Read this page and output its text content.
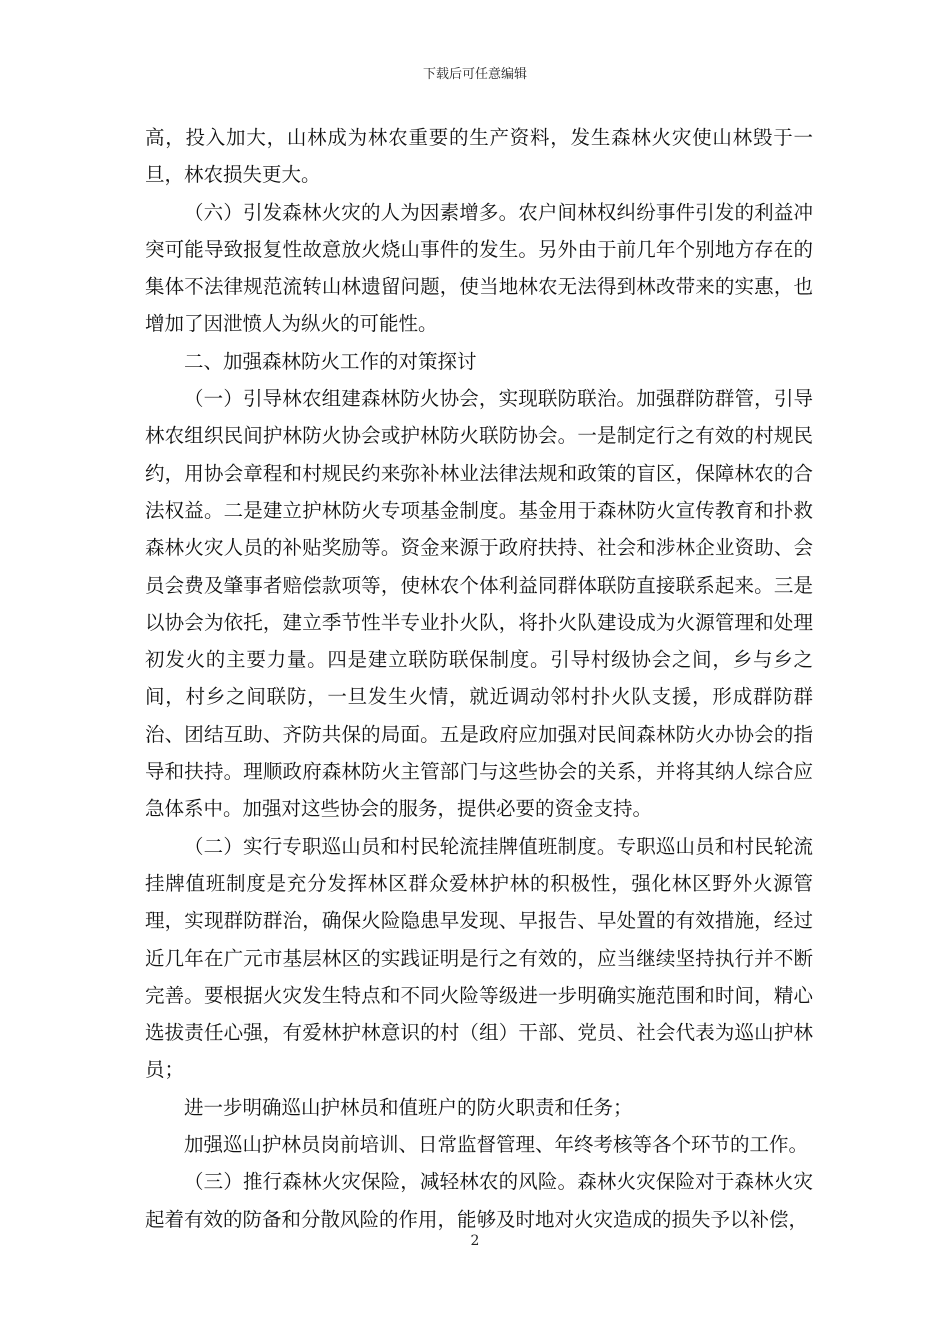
下载后可任意编辑

高，投入加大，山林成为林农重要的生产资料，发生森林火灾使山林毁于一旦，林农损失更大。

（六）引发森林火灾的人为因素增多。农户间林权纠纷事件引发的利益冲突可能导致报复性故意放火烧山事件的发生。另外由于前几年个别地方存在的集体不法律规范流转山林遗留问题，使当地林农无法得到林改带来的实惠，也增加了因泄愤人为纵火的可能性。

二、加强森林防火工作的对策探讨

（一）引导林农组建森林防火协会，实现联防联治。加强群防群管，引导林农组织民间护林防火协会或护林防火联防协会。一是制定行之有效的村规民约，用协会章程和村规民约来弥补林业法律法规和政策的盲区，保障林农的合法权益。二是建立护林防火专项基金制度。基金用于森林防火宣传教育和扑救森林火灾人员的补贴奖励等。资金来源于政府扶持、社会和涉林企业资助、会员会费及肇事者赔偿款项等，使林农个体利益同群体联防直接联系起来。三是以协会为依托，建立季节性半专业扑火队，将扑火队建设成为火源管理和处理初发火的主要力量。四是建立联防联保制度。引导村级协会之间，乡与乡之间，村乡之间联防，一旦发生火情，就近调动邻村扑火队支援，形成群防群治、团结互助、齐防共保的局面。五是政府应加强对民间森林防火办协会的指导和扶持。理顺政府森林防火主管部门与这些协会的关系，并将其纳人综合应急体系中。加强对这些协会的服务，提供必要的资金支持。

（二）实行专职巡山员和村民轮流挂牌值班制度。专职巡山员和村民轮流挂牌值班制度是充分发挥林区群众爱林护林的积极性，强化林区野外火源管理，实现群防群治，确保火险隐患早发现、早报告、早处置的有效措施，经过近几年在广元市基层林区的实践证明是行之有效的，应当继续坚持执行并不断完善。要根据火灾发生特点和不同火险等级进一步明确实施范围和时间，精心选拔责任心强，有爱林护林意识的村（组）干部、党员、社会代表为巡山护林员；

进一步明确巡山护林员和值班户的防火职责和任务；

加强巡山护林员岗前培训、日常监督管理、年终考核等各个环节的工作。

（三）推行森林火灾保险，减轻林农的风险。森林火灾保险对于森林火灾起着有效的防备和分散风险的作用，能够及时地对火灾造成的损失予以补偿，

2
